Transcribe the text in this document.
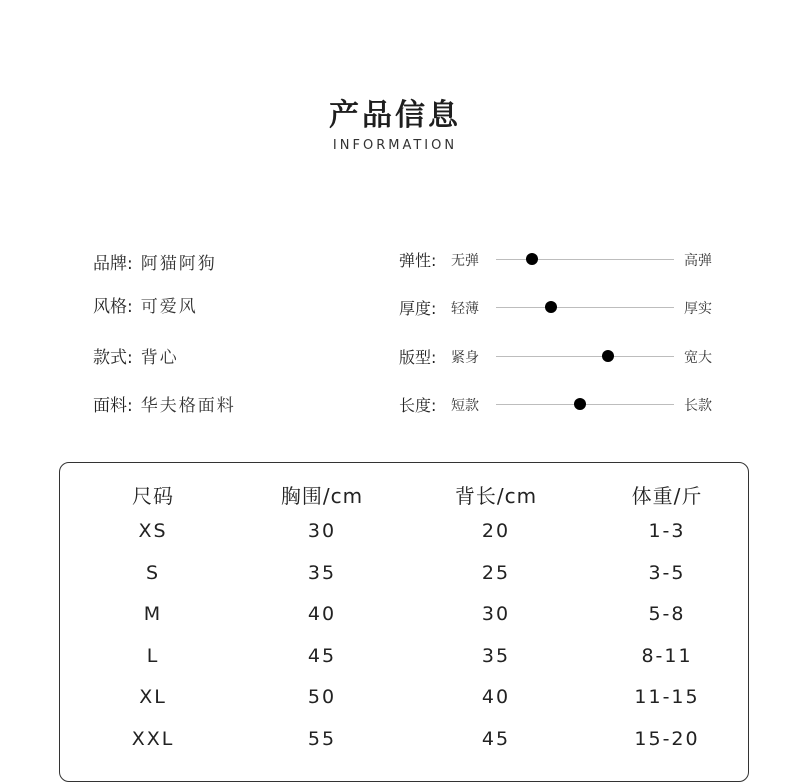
产品信息
INFORMATION
品牌: 阿猫阿狗
风格: 可爱风
款式: 背心
面料: 华夫格面料
弹性: 无弹	高弹
厚度: 轻薄	厚实
版型: 紧身	宽大
长度: 短款	长款
尺码	胸围/cm	背长/cm	体重/斤
XS	30	20	1-3
S	35	25	3-5
M	40	30	5-8
L	45	35	8-11
XL	50	40	11-15
XXL	55	45	15-20
